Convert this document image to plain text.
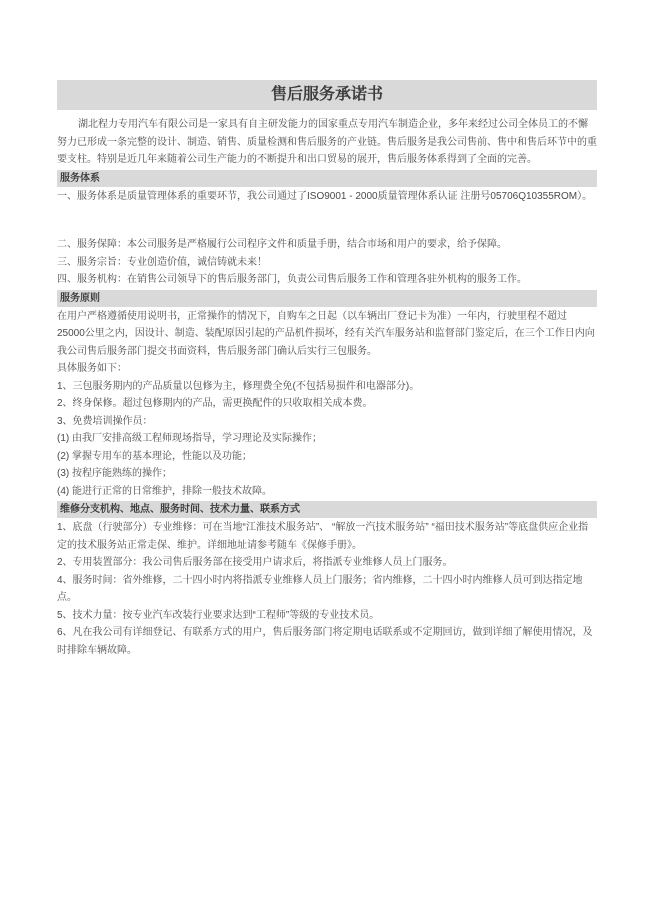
售后服务承诺书

湖北程力专用汽车有限公司是一家具有自主研发能力的国家重点专用汽车制造企业，多年来经过公司全体员工的不懈努力已形成一条完整的设计、制造、销售、质量检测和售后服务的产业链。售后服务是我公司售前、售中和售后环节中的重要支柱。特别是近几年来随着公司生产能力的不断提升和出口贸易的展开，售后服务体系得到了全面的完善。

服务体系

一、服务体系是质量管理体系的重要环节，我公司通过了ISO9001 - 2000质量管理体系认证 注册号05706Q10355ROM）。

二、服务保障：本公司服务是严格履行公司程序文件和质量手册，结合市场和用户的要求，给予保障。

三、服务宗旨：专业创造价值，诚信铸就未来！

四、服务机构：在销售公司领导下的售后服务部门，负责公司售后服务工作和管理各驻外机构的服务工作。

服务原则

在用户严格遵循使用说明书，正常操作的情况下，自购车之日起（以车辆出厂登记卡为准）一年内，行驶里程不超过 25000公里之内，因设计、制造、装配原因引起的产品机件损坏，经有关汽车服务站和监督部门鉴定后，在三个工作日内向我公司售后服务部门提交书面资料，售后服务部门确认后实行三包服务。

具体服务如下：

1、三包服务期内的产品质量以包修为主，修理费全免(不包括易损件和电器部分)。

2、终身保修。超过包修期内的产品，需更换配件的只收取相关成本费。

3、免费培训操作员：

(1) 由我厂安排高级工程师现场指导，学习理论及实际操作；

(2) 掌握专用车的基本理论，性能以及功能；

(3) 按程序能熟练的操作；

(4) 能进行正常的日常维护，排除一般技术故障。

维修分支机构、地点、服务时间、技术力量、联系方式

1、底盘（行驶部分）专业维修：可在当地“江淮技术服务站”、 “解放一汽技术服务站” “福田技术服务站”等底盘供应企业指定的技术服务站正常走保、维护。详细地址请参考随车《保修手册》。

2、专用装置部分：我公司售后服务部在接受用户请求后，将指派专业维修人员上门服务。

4、服务时间：省外维修，二十四小时内将指派专业维修人员上门服务；省内维修，二十四小时内维修人员可到达指定地点。

5、技术力量：按专业汽车改装行业要求达到“工程师”等级的专业技术员。

6、凡在我公司有详细登记、有联系方式的用户，售后服务部门将定期电话联系或不定期回访，做到详细了解使用情况，及时排除车辆故障。
